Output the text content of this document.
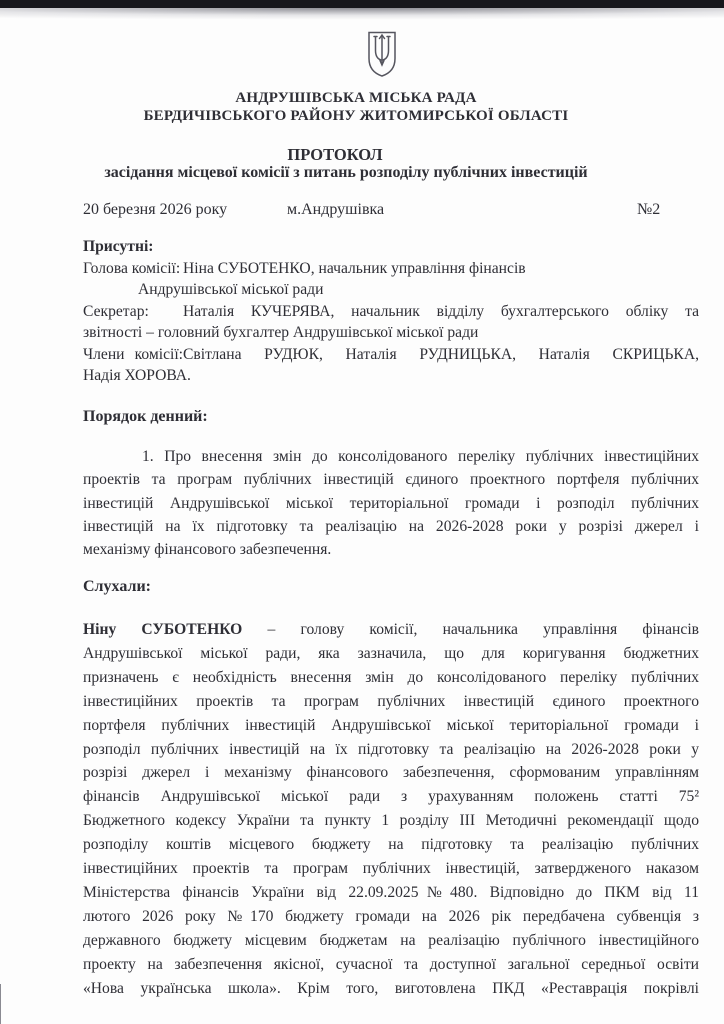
АНДРУШІВСЬКА МІСЬКА РАДА
БЕРДИЧІВСЬКОГО РАЙОНУ ЖИТОМИРСЬКОЇ ОБЛАСТІ
ПРОТОКОЛ
засідання місцевої комісії з питань розподілу публічних інвестицій
20 березня 2026 року	м.Андрушівка	№2
Присутні:
Голова комісії: Ніна СУБОТЕНКО, начальник управління фінансів
Андрушівської міської ради
Секретар: Наталія КУЧЕРЯВА, начальник відділу бухгалтерського обліку та
звітності – головний бухгалтер Андрушівської міської ради
Члени комісії:Світлана РУДЮК, Наталія РУДНИЦЬКА, Наталія СКРИЦЬКА,
Надія ХОРОВА.
Порядок денний:
1. Про внесення змін до консолідованого переліку публічних інвестиційних
проектів та програм публічних інвестицій єдиного проектного портфеля публічних
інвестицій Андрушівської міської територіальної громади і розподіл публічних
інвестицій на їх підготовку та реалізацію на 2026-2028 роки у розрізі джерел і
механізму фінансового забезпечення.
Слухали:
Ніну СУБОТЕНКО – голову комісії, начальника управління фінансів
Андрушівської міської ради, яка зазначила, що для коригування бюджетних
призначень є необхідність внесення змін до консолідованого переліку публічних
інвестиційних проектів та програм публічних інвестицій єдиного проектного
портфеля публічних інвестицій Андрушівської міської територіальної громади і
розподіл публічних інвестицій на їх підготовку та реалізацію на 2026-2028 роки у
розрізі джерел і механізму фінансового забезпечення, сформованим управлінням
фінансів Андрушівської міської ради з урахуванням положень статті 75²
Бюджетного кодексу України та пункту 1 розділу III Методичні рекомендації щодо
розподілу коштів місцевого бюджету на підготовку та реалізацію публічних
інвестиційних проектів та програм публічних інвестицій, затвердженого наказом
Міністерства фінансів України від 22.09.2025№480. Відповідно до ПКМ від 11
лютого 2026 року №170 бюджету громади на 2026 рік передбачена субвенція з
державного бюджету місцевим бюджетам на реалізацію публічного інвестиційного
проекту на забезпечення якісної, сучасної та доступної загальної середньої освіти
«Нова українська школа». Крім того, виготовлена ПКД «Реставрація покрівлі
